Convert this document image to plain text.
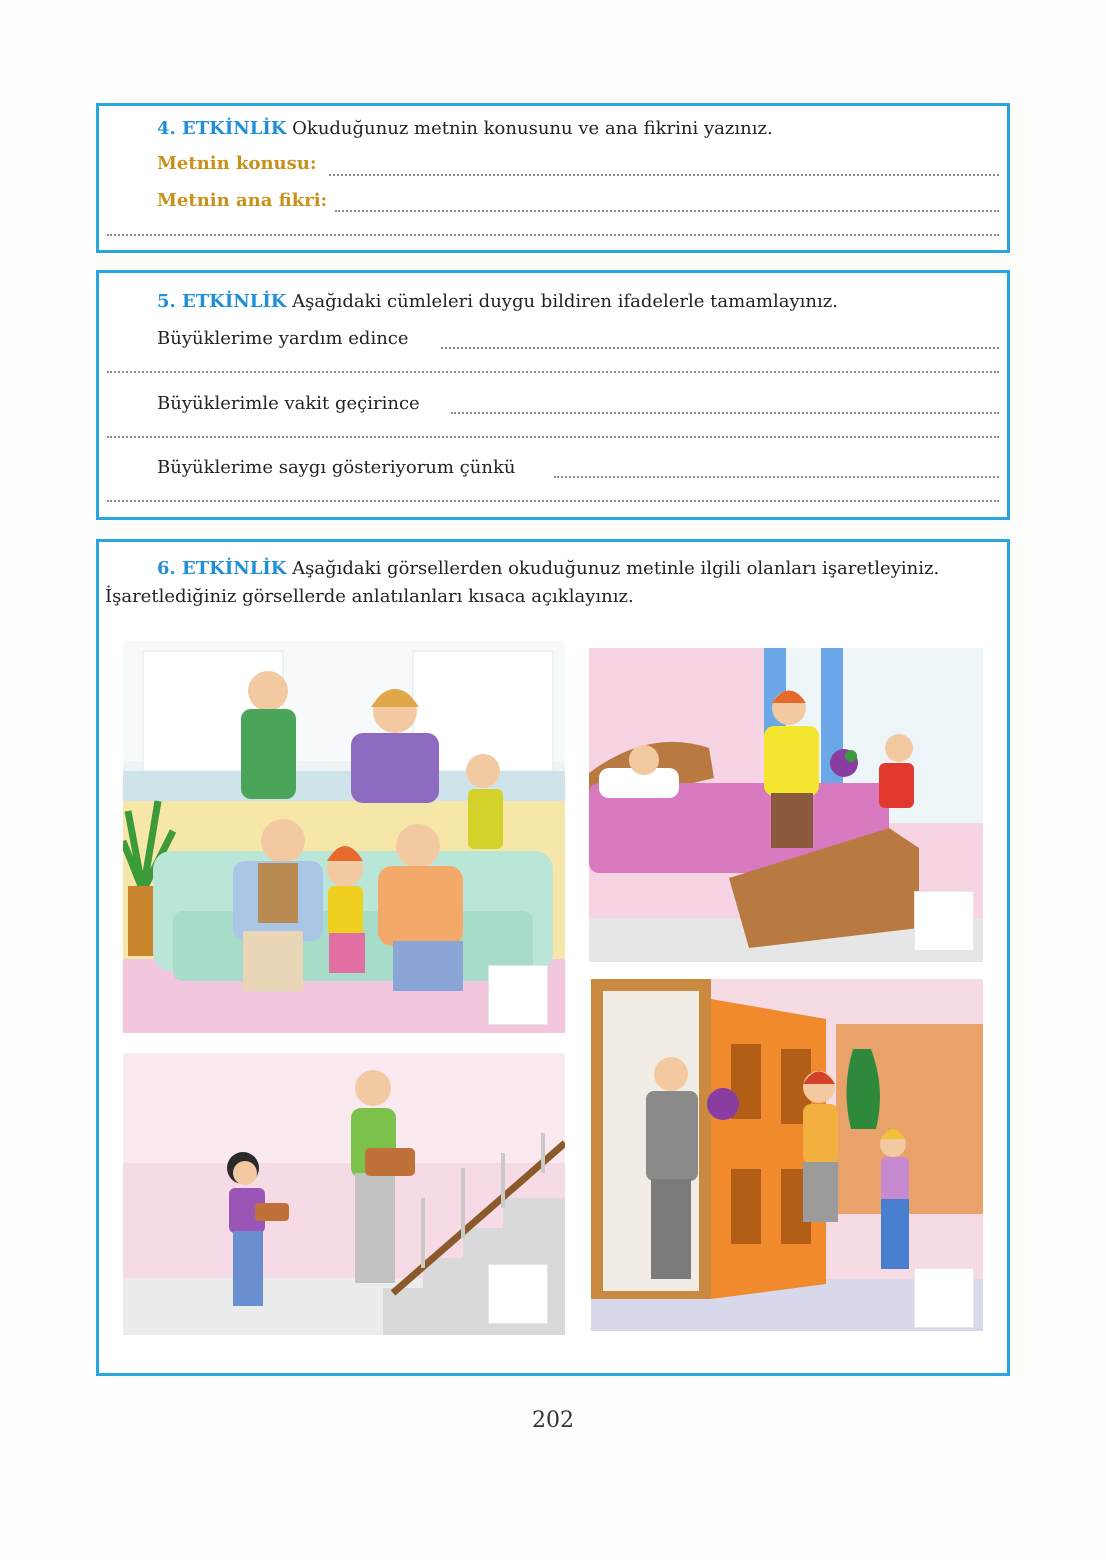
4. ETKİNLİK Okuduğunuz metnin konusunu ve ana fikrini yazınız.
Metnin konusu:
Metnin ana fikri:
5. ETKİNLİK Aşağıdaki cümleleri duygu bildiren ifadelerle tamamlayınız.
Büyüklerime yardım edince
Büyüklerimle vakit geçirince
Büyüklerime saygı gösteriyorum çünkü
6. ETKİNLİK Aşağıdaki görsellerden okuduğunuz metinle ilgili olanları işaretleyiniz.
İşaretlediğiniz görsellerde anlatılanları kısaca açıklayınız.
202
